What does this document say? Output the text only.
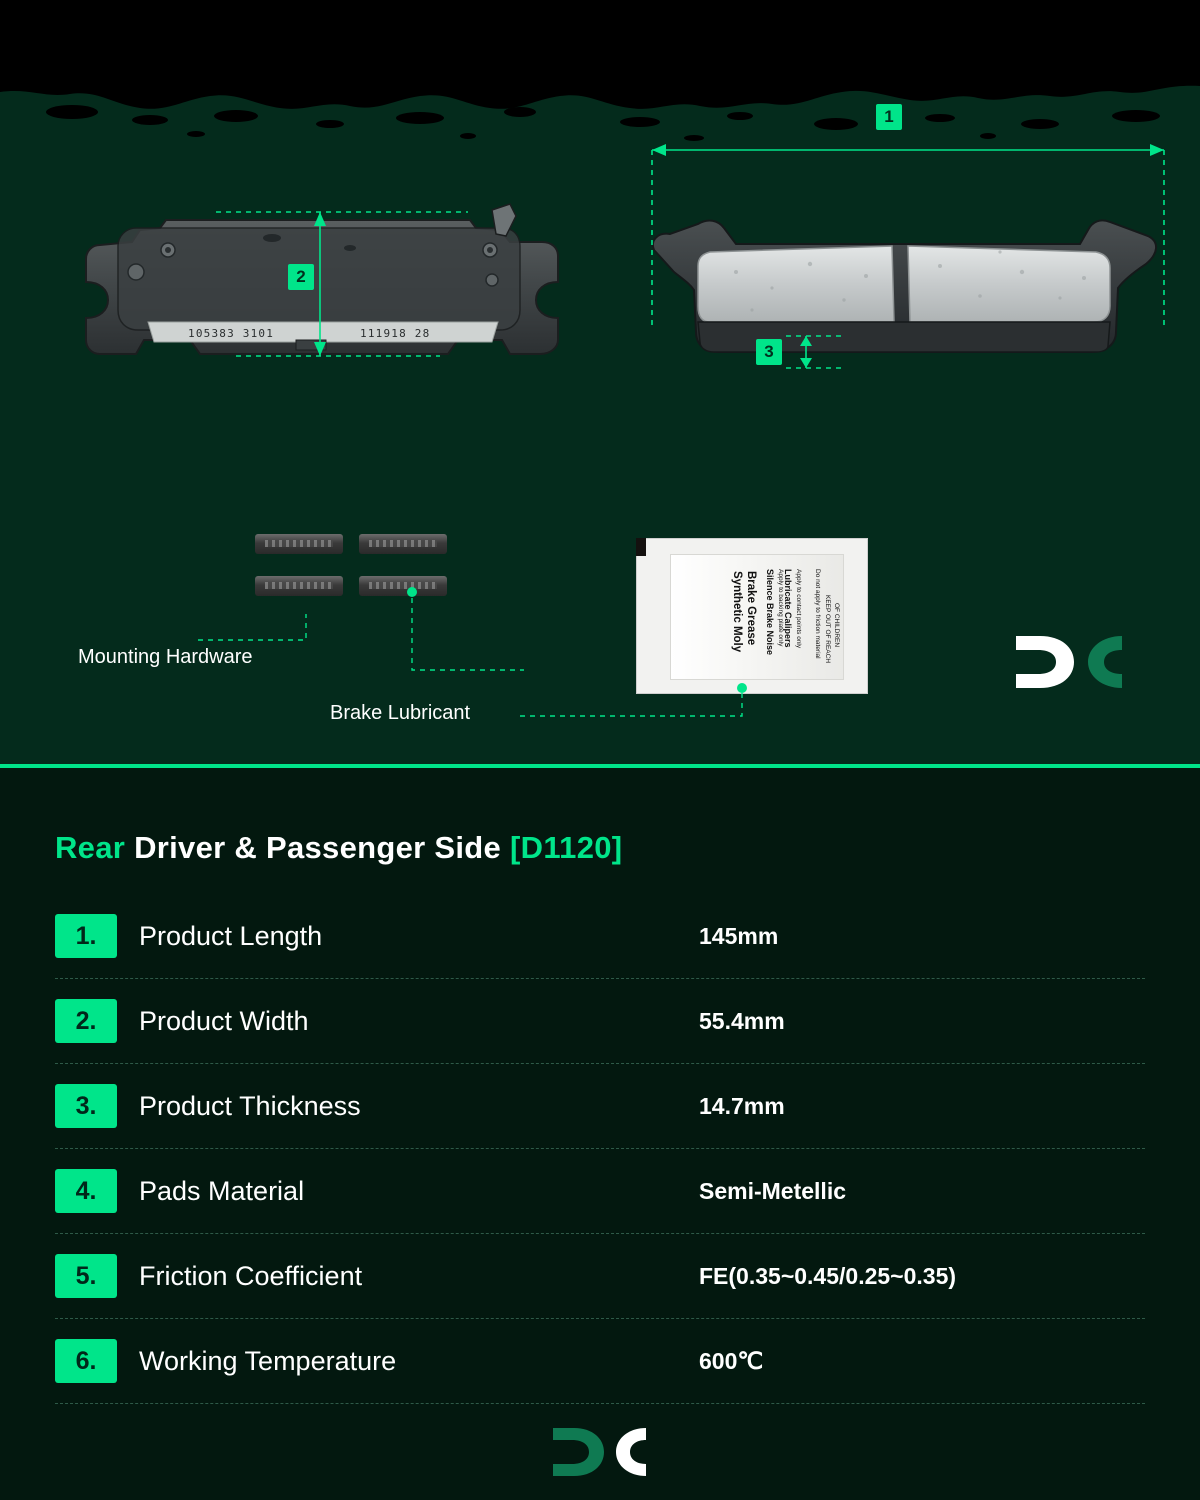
105383 3101	111918 28
1
2
3
Synthetic Moly Brake Grease Silence Brake Noise Apply to backing plate only Lubricate Calipers Apply to contact points only Do not apply to friction material KEEP OUT OF REACH OF CHILDREN
Mounting Hardware
Brake Lubricant
Rear Driver & Passenger Side [D1120]
1.	Product Length	145mm
2.	Product Width	55.4mm
3.	Product Thickness	14.7mm
4.	Pads Material	Semi-Metellic
5.	Friction Coefficient	FE(0.35~0.45/0.25~0.35)
6.	Working Temperature	600℃
